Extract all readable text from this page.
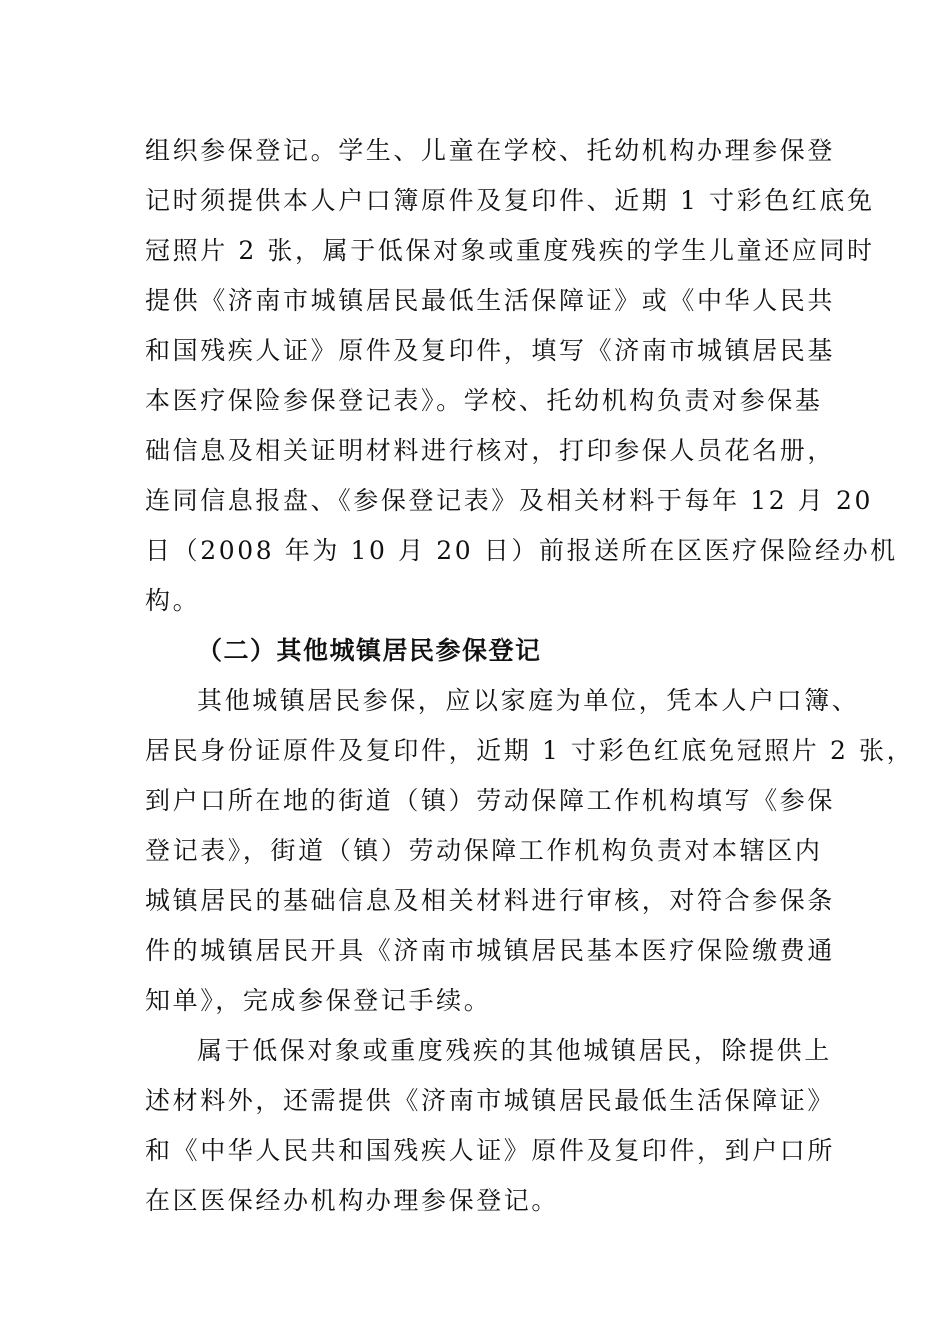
组织参保登记。学生、儿童在学校、托幼机构办理参保登
记时须提供本人户口簿原件及复印件、近期 1 寸彩色红底免
冠照片 2 张，属于低保对象或重度残疾的学生儿童还应同时
提供《济南市城镇居民最低生活保障证》或《中华人民共
和国残疾人证》原件及复印件，填写《济南市城镇居民基
本医疗保险参保登记表》。学校、托幼机构负责对参保基
础信息及相关证明材料进行核对，打印参保人员花名册，
连同信息报盘、《参保登记表》及相关材料于每年 12 月 20
日（2008 年为 10 月 20 日）前报送所在区医疗保险经办机
构。
（二）其他城镇居民参保登记
其他城镇居民参保，应以家庭为单位，凭本人户口簿、
居民身份证原件及复印件，近期 1 寸彩色红底免冠照片 2 张，
到户口所在地的街道（镇）劳动保障工作机构填写《参保
登记表》，街道（镇）劳动保障工作机构负责对本辖区内
城镇居民的基础信息及相关材料进行审核，对符合参保条
件的城镇居民开具《济南市城镇居民基本医疗保险缴费通
知单》，完成参保登记手续。
属于低保对象或重度残疾的其他城镇居民，除提供上
述材料外，还需提供《济南市城镇居民最低生活保障证》
和《中华人民共和国残疾人证》原件及复印件，到户口所
在区医保经办机构办理参保登记。
